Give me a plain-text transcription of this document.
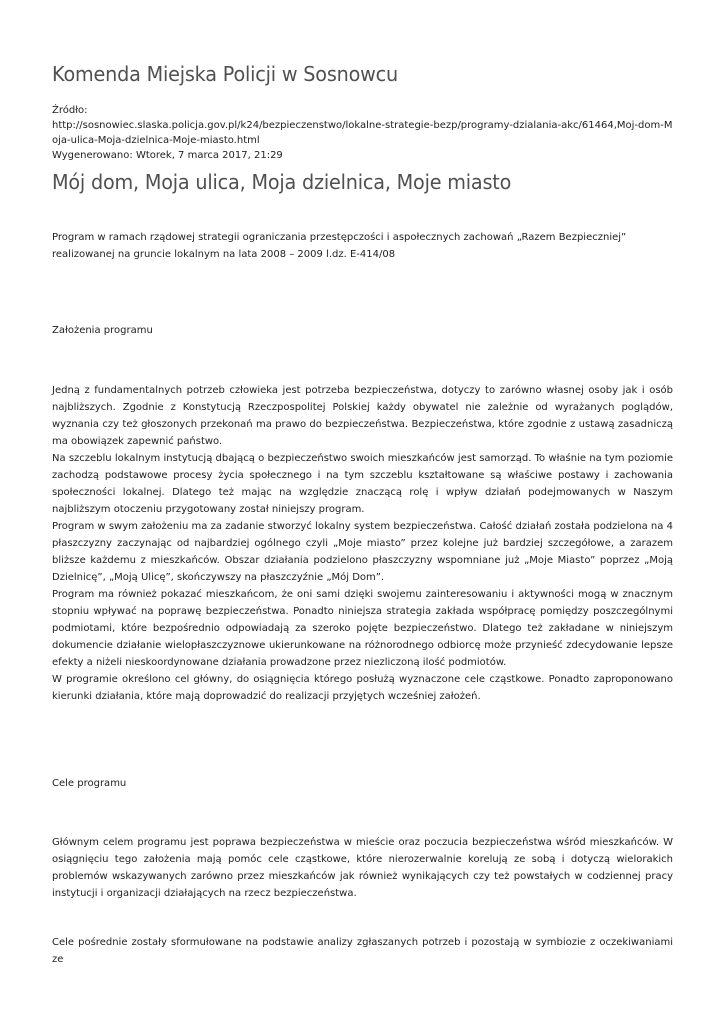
Komenda Miejska Policji w Sosnowcu
Źródło:
http://sosnowiec.slaska.policja.gov.pl/k24/bezpieczenstwo/lokalne-strategie-bezp/programy-dzialania-akc/61464,Moj-dom-Moja-ulica-Moja-dzielnica-Moje-miasto.html
Wygenerowano: Wtorek, 7 marca 2017, 21:29
Mój dom, Moja ulica, Moja dzielnica, Moje miasto

Program w ramach rządowej strategii ograniczania przestępczości i aspołecznych zachowań „Razem Bezpieczniej” realizowanej na gruncie lokalnym na lata 2008 – 2009 l.dz. E-414/08

Założenia programu

Jedną z fundamentalnych potrzeb człowieka jest potrzeba bezpieczeństwa, dotyczy to zarówno własnej osoby jak i osób najbliższych. Zgodnie z Konstytucją Rzeczpospolitej Polskiej każdy obywatel nie zależnie od wyrażanych poglądów, wyznania czy też głoszonych przekonań ma prawo do bezpieczeństwa. Bezpieczeństwa, które zgodnie z ustawą zasadniczą ma obowiązek zapewnić państwo.
Na szczeblu lokalnym instytucją dbającą o bezpieczeństwo swoich mieszkańców jest samorząd. To właśnie na tym poziomie zachodzą podstawowe procesy życia społecznego i na tym szczeblu kształtowane są właściwe postawy i zachowania społeczności lokalnej. Dlatego też mając na względzie znaczącą rolę i wpływ działań podejmowanych w Naszym najbliższym otoczeniu przygotowany został niniejszy program.
Program w swym założeniu ma za zadanie stworzyć lokalny system bezpieczeństwa. Całość działań została podzielona na 4 płaszczyzny zaczynając od najbardziej ogólnego czyli „Moje miasto” przez kolejne już bardziej szczegółowe, a zarazem bliższe każdemu z mieszkańców. Obszar działania podzielono płaszczyzny wspomniane już „Moje Miasto” poprzez „Moją Dzielnicę”, „Moją Ulicę”, skończywszy na płaszczyźnie „Mój Dom”.
Program ma również pokazać mieszkańcom, że oni sami dzięki swojemu zainteresowaniu i aktywności mogą w znacznym stopniu wpływać na poprawę bezpieczeństwa. Ponadto niniejsza strategia zakłada współpracę pomiędzy poszczególnymi podmiotami, które bezpośrednio odpowiadają za szeroko pojęte bezpieczeństwo. Dlatego też zakładane w niniejszym dokumencie działanie wielopłaszczyznowe ukierunkowane na różnorodnego odbiorcę może przynieść zdecydowanie lepsze efekty a niżeli nieskoordynowane działania prowadzone przez niezliczoną ilość podmiotów.
W programie określono cel główny, do osiągnięcia którego posłużą wyznaczone cele cząstkowe. Ponadto zaproponowano kierunki działania, które mają doprowadzić do realizacji przyjętych wcześniej założeń.

Cele programu

Głównym celem programu jest poprawa bezpieczeństwa w mieście oraz poczucia bezpieczeństwa wśród mieszkańców. W osiągnięciu tego założenia mają pomóc cele cząstkowe, które nierozerwalnie korelują ze sobą i dotyczą wielorakich problemów wskazywanych zarówno przez mieszkańców jak również wynikających czy też powstałych w codziennej pracy instytucji i organizacji działających na rzecz bezpieczeństwa.

Cele pośrednie zostały sformułowane na podstawie analizy zgłaszanych potrzeb i pozostają w symbiozie z oczekiwaniami ze
